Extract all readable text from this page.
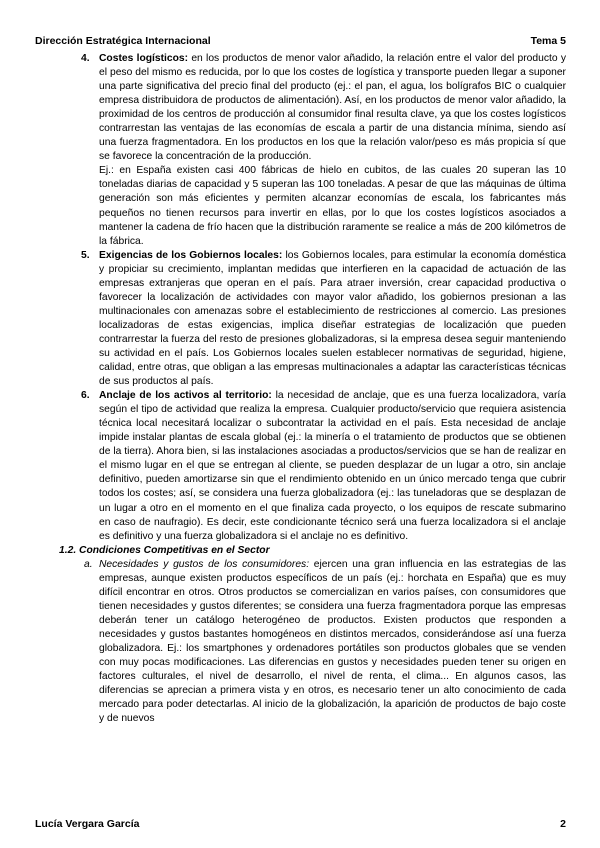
Dirección Estratégica Internacional	Tema 5
4. Costes logísticos: en los productos de menor valor añadido, la relación entre el valor del producto y el peso del mismo es reducida, por lo que los costes de logística y transporte pueden llegar a suponer una parte significativa del precio final del producto (ej.: el pan, el agua, los bolígrafos BIC o cualquier empresa distribuidora de productos de alimentación). Así, en los productos de menor valor añadido, la proximidad de los centros de producción al consumidor final resulta clave, ya que los costes logísticos contrarrestan las ventajas de las economías de escala a partir de una distancia mínima, siendo así una fuerza fragmentadora. En los productos en los que la relación valor/peso es más propicia sí que se favorece la concentración de la producción.

Ej.: en España existen casi 400 fábricas de hielo en cubitos, de las cuales 20 superan las 10 toneladas diarias de capacidad y 5 superan las 100 toneladas. A pesar de que las máquinas de última generación son más eficientes y permiten alcanzar economías de escala, los fabricantes más pequeños no tienen recursos para invertir en ellas, por lo que los costes logísticos asociados a mantener la cadena de frío hacen que la distribución raramente se realice a más de 200 kilómetros de la fábrica.

5. Exigencias de los Gobiernos locales: los Gobiernos locales, para estimular la economía doméstica y propiciar su crecimiento, implantan medidas que interfieren en la capacidad de actuación de las empresas extranjeras que operan en el país. Para atraer inversión, crear capacidad productiva o favorecer la localización de actividades con mayor valor añadido, los gobiernos presionan a las multinacionales con amenazas sobre el establecimiento de restricciones al comercio. Las presiones localizadoras de estas exigencias, implica diseñar estrategias de localización que pueden contrarrestar la fuerza del resto de presiones globalizadoras, si la empresa desea seguir manteniendo su actividad en el país. Los Gobiernos locales suelen establecer normativas de seguridad, higiene, calidad, entre otras, que obligan a las empresas multinacionales a adaptar las características técnicas de sus productos al país.

6. Anclaje de los activos al territorio: la necesidad de anclaje, que es una fuerza localizadora, varía según el tipo de actividad que realiza la empresa. Cualquier producto/servicio que requiera asistencia técnica local necesitará localizar o subcontratar la actividad en el país. Esta necesidad de anclaje impide instalar plantas de escala global (ej.: la minería o el tratamiento de productos que se obtienen de la tierra). Ahora bien, si las instalaciones asociadas a productos/servicios que se han de realizar en el mismo lugar en el que se entregan al cliente, se pueden desplazar de un lugar a otro, sin anclaje definitivo, pueden amortizarse sin que el rendimiento obtenido en un único mercado tenga que cubrir todos los costes; así, se considera una fuerza globalizadora (ej.: las tuneladoras que se desplazan de un lugar a otro en el momento en el que finaliza cada proyecto, o los equipos de rescate submarino en caso de naufragio). Es decir, este condicionante técnico será una fuerza localizadora si el anclaje es definitivo y una fuerza globalizadora si el anclaje no es definitivo.

1.2. Condiciones Competitivas en el Sector
a. Necesidades y gustos de los consumidores: ejercen una gran influencia en las estrategias de las empresas, aunque existen productos específicos de un país (ej.: horchata en España) que es muy difícil encontrar en otros. Otros productos se comercializan en varios países, con consumidores que tienen necesidades y gustos diferentes; se considera una fuerza fragmentadora porque las empresas deberán tener un catálogo heterogéneo de productos. Existen productos que responden a necesidades y gustos bastantes homogéneos en distintos mercados, considerándose así una fuerza globalizadora. Ej.: los smartphones y ordenadores portátiles son productos globales que se venden con muy pocas modificaciones. Las diferencias en gustos y necesidades pueden tener su origen en factores culturales, el nivel de desarrollo, el nivel de renta, el clima... En algunos casos, las diferencias se aprecian a primera vista y en otros, es necesario tener un alto conocimiento de cada mercado para poder detectarlas. Al inicio de la globalización, la aparición de productos de bajo coste y de nuevos

Lucía Vergara García	2
